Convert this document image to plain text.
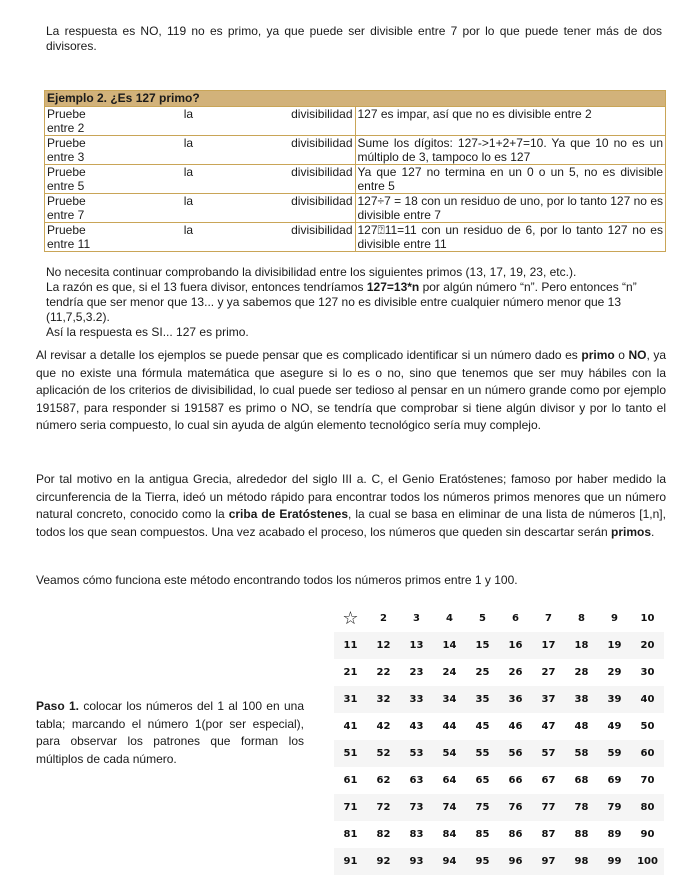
La respuesta es NO, 119 no es primo, ya que puede ser divisible entre 7 por lo que puede tener más de dos divisores.
Ejemplo 2. ¿Es 127 primo?	
Pruebe la divisibilidad
entre 2	127 es impar, así que no es divisible entre 2
Pruebe la divisibilidad
entre 3	Sume los dígitos: 127->1+2+7=10. Ya que 10 no es un múltiplo de 3, tampoco lo es 127
Pruebe la divisibilidad
entre 5	Ya que 127 no termina en un 0 o un 5, no es divisible entre 5
Pruebe la divisibilidad
entre 7	127÷7 = 18 con un residuo de uno, por lo tanto 127 no es divisible entre 7
Pruebe la divisibilidad
entre 11	127⍰11=11 con un residuo de 6, por lo tanto 127 no es divisible entre 11

No necesita continuar comprobando la divisibilidad entre los siguientes primos (13, 17, 19, 23, etc.).

La razón es que, si el 13 fuera divisor, entonces tendríamos 127=13*n por algún número “n”. Pero entonces “n” tendría que ser menor que 13... y ya sabemos que 127 no es divisible entre cualquier número menor que 13 (11,7,5,3.2).

Así la respuesta es SI... 127 es primo.

Al revisar a detalle los ejemplos se puede pensar que es complicado identificar si un número dado es primo o NO, ya que no existe una fórmula matemática que asegure si lo es o no, sino que tenemos que ser muy hábiles con la aplicación de los criterios de divisibilidad, lo cual puede ser tedioso al pensar en un número grande como por ejemplo 191587, para responder si 191587 es primo o NO, se tendría que comprobar si tiene algún divisor y por lo tanto el número seria compuesto, lo cual sin ayuda de algún elemento tecnológico sería muy complejo.
Por tal motivo en la antigua Grecia, alrededor del siglo III a. C, el Genio Eratóstenes; famoso por haber medido la circunferencia de la Tierra, ideó un método rápido para encontrar todos los números primos menores que un número natural concreto, conocido como la criba de Eratóstenes, la cual se basa en eliminar de una lista de números [1,n], todos los que sean compuestos. Una vez acabado el proceso, los números que queden sin descartar serán primos.
Veamos cómo funciona este método encontrando todos los números primos entre 1 y 100.
Paso 1. colocar los números del 1 al 100 en una tabla; marcando el número 1(por ser especial), para observar los patrones que forman los múltiplos de cada número.
☆	2	3	4	5	6	7	8	9	10
11	12	13	14	15	16	17	18	19	20
21	22	23	24	25	26	27	28	29	30
31	32	33	34	35	36	37	38	39	40
41	42	43	44	45	46	47	48	49	50
51	52	53	54	55	56	57	58	59	60
61	62	63	64	65	66	67	68	69	70
71	72	73	74	75	76	77	78	79	80
81	82	83	84	85	86	87	88	89	90
91	92	93	94	95	96	97	98	99	100
